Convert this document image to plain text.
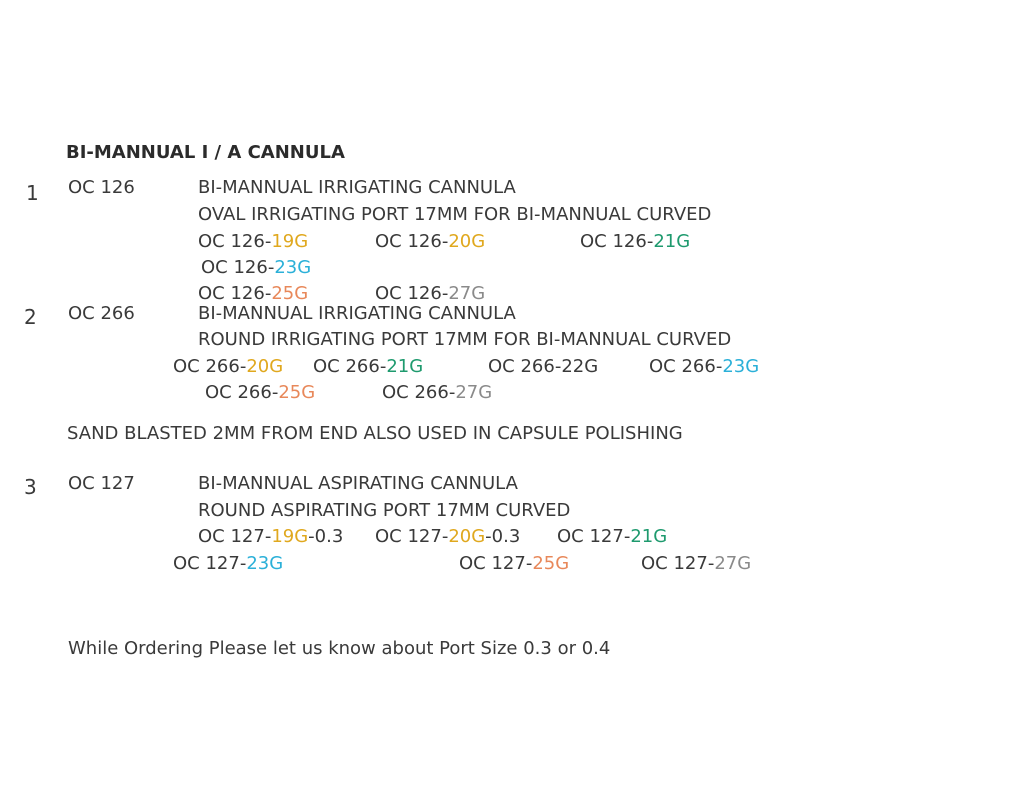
BI-MANNUAL I / A CANNULA
1 OC 126	BI-MANNUAL IRRIGATING CANNULA
OVAL IRRIGATING PORT 17MM FOR BI-MANNUAL CURVED
OC 126-19G	OC 126-20G	OC 126-21G
OC 126-23G
OC 126-25G	OC 126-27G
2 OC 266	BI-MANNUAL IRRIGATING CANNULA
ROUND IRRIGATING PORT 17MM FOR BI-MANNUAL CURVED
OC 266-20G OC 266-21G	OC 266-22G	OC 266-23G
OC 266-25G	OC 266-27G
SAND BLASTED 2MM FROM END ALSO USED IN CAPSULE POLISHING
3 OC 127	BI-MANNUAL ASPIRATING CANNULA
ROUND ASPIRATING PORT 17MM CURVED
OC 127-19G-0.3 OC 127-20G-0.3 OC 127-21G
OC 127-23G	OC 127-25G	OC 127-27G
While Ordering Please let us know about Port Size 0.3 or 0.4
